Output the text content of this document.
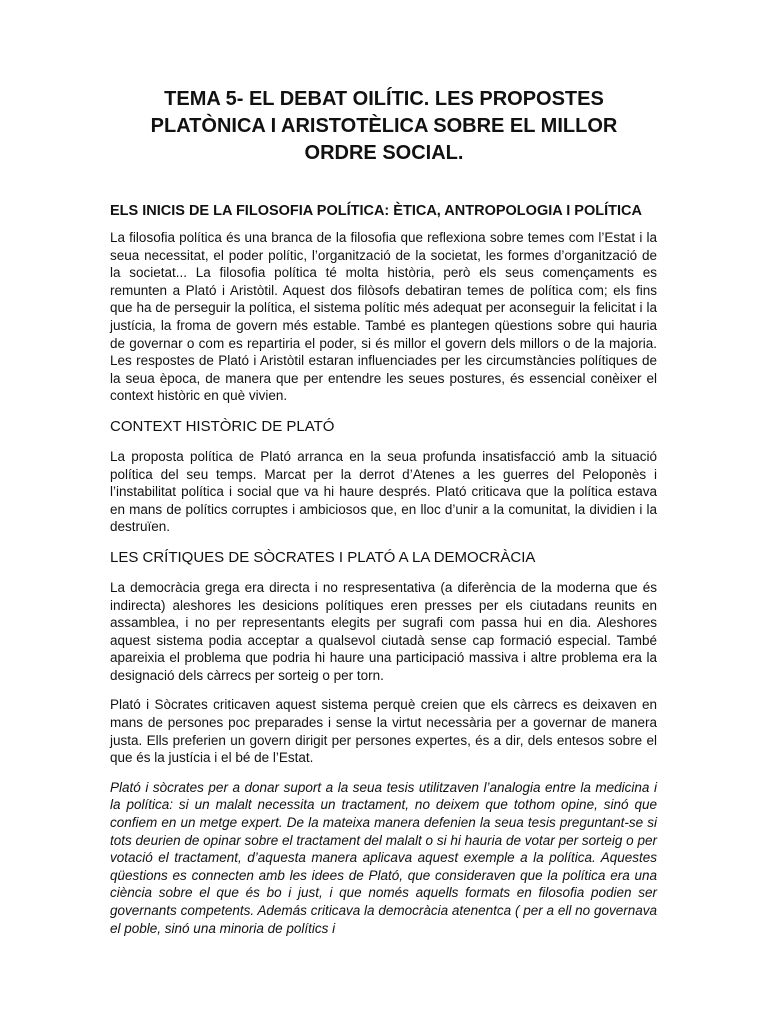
TEMA 5- EL DEBAT OILÍTIC. LES PROPOSTES PLATÒNICA I ARISTOTÈLICA SOBRE EL MILLOR ORDRE SOCIAL.
ELS INICIS DE LA FILOSOFIA POLÍTICA: ÈTICA, ANTROPOLOGIA I POLÍTICA

La filosofia política és una branca de la filosofia que reflexiona sobre temes com l’Estat i la seua necessitat, el poder polític, l’organització de la societat, les formes d’organització de la societat... La filosofia política té molta història, però els seus començaments es remunten a Plató i Aristòtil. Aquest dos filòsofs debatiran temes de política com; els fins que ha de perseguir la política, el sistema polític més adequat per aconseguir la felicitat i la justícia, la froma de govern més estable. També es plantegen qüestions sobre qui hauria de governar o com es repartiria el poder, si és millor el govern dels millors o de la majoria. Les respostes de Plató i Aristòtil estaran influenciades per les circumstàncies polítiques de la seua època, de manera que per entendre les seues postures, és essencial conèixer el context històric en què vivien.

CONTEXT HISTÒRIC DE PLATÓ

La proposta política de Plató arranca en la seua profunda insatisfacció amb la situació política del seu temps. Marcat per la derrot d’Atenes a les guerres del Peloponès i l’instabilitat política i social que va hi haure després. Plató criticava que la política estava en mans de polítics corruptes i ambiciosos que, en lloc d’unir a la comunitat, la dividien i la destruïen.

LES CRÍTIQUES DE SÒCRATES I PLATÓ A LA DEMOCRÀCIA

La democràcia grega era directa i no respresentativa (a diferència de la moderna que és indirecta) aleshores les desicions polítiques eren presses per els ciutadans reunits en assamblea, i no per representants elegits per sugrafi com passa hui en dia. Aleshores aquest sistema podia acceptar a qualsevol ciutadà sense cap formació especial. També apareixia el problema que podria hi haure una participació massiva i altre problema era la designació dels càrrecs per sorteig o per torn.

Plató i Sòcrates criticaven aquest sistema perquè creien que els càrrecs es deixaven en mans de persones poc preparades i sense la virtut necessària per a governar de manera justa. Ells preferien un govern dirigit per persones expertes, és a dir, dels entesos sobre el que és la justícia i el bé de l’Estat.

Plató i sòcrates per a donar suport a la seua tesis utilitzaven l’analogia entre la medicina i la política: si un malalt necessita un tractament, no deixem que tothom opine, sinó que confiem en un metge expert. De la mateixa manera defenien la seua tesis preguntant-se si tots deurien de opinar sobre el tractament del malalt o si hi hauria de votar per sorteig o per votació el tractament, d’aquesta manera aplicava aquest exemple a la política. Aquestes qüestions es connecten amb les idees de Plató, que consideraven que la política era una ciència sobre el que és bo i just, i que només aquells formats en filosofia podien ser governants competents. Además criticava la democràcia atenentca ( per a ell no governava el poble, sinó una minoria de polítics i
